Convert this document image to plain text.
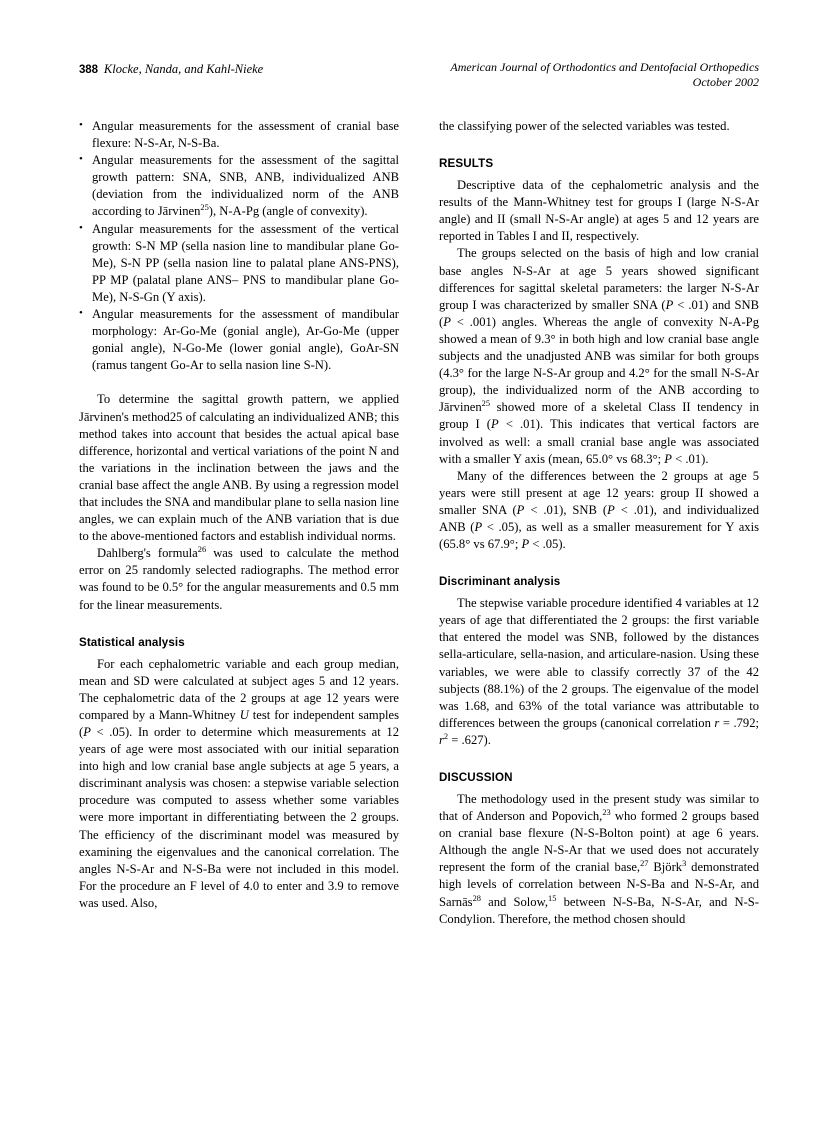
388 Klocke, Nanda, and Kahl-Nieke	American Journal of Orthodontics and Dentofacial Orthopedics
October 2002
• Angular measurements for the assessment of cranial base flexure: N-S-Ar, N-S-Ba.
• Angular measurements for the assessment of the sagittal growth pattern: SNA, SNB, ANB, individualized ANB (deviation from the individualized norm of the ANB according to Jārvinen$^{25}$), N-A-Pg (angle of convexity).
• Angular measurements for the assessment of the vertical growth: S-N MP (sella nasion line to mandibular plane Go-Me), S-N PP (sella nasion line to palatal plane ANS-PNS), PP MP (palatal plane ANS– PNS to mandibular plane Go-Me), N-S-Gn (Y axis).
• Angular measurements for the assessment of mandibular morphology: Ar-Go-Me (gonial angle), Ar-Go-Me (upper gonial angle), N-Go-Me (lower gonial angle), GoAr-SN (ramus tangent Go-Ar to sella nasion line S-N).

To determine the sagittal growth pattern, we applied Jārvinen's method25 of calculating an individualized ANB; this method takes into account that besides the actual apical base difference, horizontal and vertical variations of the point N and the variations in the inclination between the jaws and the cranial base affect the angle ANB. By using a regression model that includes the SNA and mandibular plane to sella nasion line angles, we can explain much of the ANB variation that is due to the above-mentioned factors and establish individual norms.

Dahlberg's formula$^{26}$ was used to calculate the method error on 25 randomly selected radiographs. The method error was found to be 0.5° for the angular measurements and 0.5 mm for the linear measurements.

Statistical analysis

For each cephalometric variable and each group median, mean and SD were calculated at subject ages 5 and 12 years. The cephalometric data of the 2 groups at age 12 years were compared by a Mann-Whitney U test for independent samples (P < .05). In order to determine which measurements at 12 years of age were most associated with our initial separation into high and low cranial base angle subjects at age 5 years, a discriminant analysis was chosen: a stepwise variable selection procedure was computed to assess whether some variables were more important in differentiating between the 2 groups. The efficiency of the discriminant model was measured by examining the eigenvalues and the canonical correlation. The angles N-S-Ar and N-S-Ba were not included in this model. For the procedure an F level of 4.0 to enter and 3.9 to remove was used. Also,

the classifying power of the selected variables was tested.

RESULTS

Descriptive data of the cephalometric analysis and the results of the Mann-Whitney test for groups I (large N-S-Ar angle) and II (small N-S-Ar angle) at ages 5 and 12 years are reported in Tables I and II, respectively.

The groups selected on the basis of high and low cranial base angles N-S-Ar at age 5 years showed significant differences for sagittal skeletal parameters: the larger N-S-Ar group I was characterized by smaller SNA (P < .01) and SNB (P < .001) angles. Whereas the angle of convexity N-A-Pg showed a mean of 9.3° in both high and low cranial base angle subjects and the unadjusted ANB was similar for both groups (4.3° for the large N-S-Ar group and 4.2° for the small N-S-Ar group), the individualized norm of the ANB according to Jārvinen$^{25}$ showed more of a skeletal Class II tendency in group I (P < .01). This indicates that vertical factors are involved as well: a small cranial base angle was associated with a smaller Y axis (mean, 65.0° vs 68.3°; P < .01).

Many of the differences between the 2 groups at age 5 years were still present at age 12 years: group II showed a smaller SNA (P < .01), SNB (P < .01), and individualized ANB (P < .05), as well as a smaller measurement for Y axis (65.8° vs 67.9°; P < .05).

Discriminant analysis

The stepwise variable procedure identified 4 variables at 12 years of age that differentiated the 2 groups: the first variable that entered the model was SNB, followed by the distances sella-articulare, sella-nasion, and articulare-nasion. Using these variables, we were able to classify correctly 37 of the 42 subjects (88.1%) of the 2 groups. The eigenvalue of the model was 1.68, and 63% of the total variance was attributable to differences between the groups (canonical correlation r = .792; $r^2 = .627$).

DISCUSSION

The methodology used in the present study was similar to that of Anderson and Popovich,$^{23}$ who formed 2 groups based on cranial base flexure (N-S-Bolton point) at age 6 years. Although the angle N-S-Ar that we used does not accurately represent the form of the cranial base,$^{27}$ Björk$^3$ demonstrated high levels of correlation between N-S-Ba and N-S-Ar, and Sarnās$^{28}$ and Solow,$^{15}$ between N-S-Ba, N-S-Ar, and N-S-Condylion. Therefore, the method chosen should
